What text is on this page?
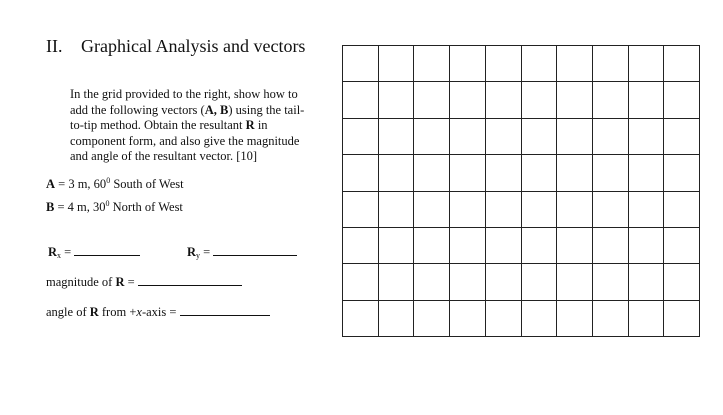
II. Graphical Analysis and vectors

In the grid provided to the right, show how to

add the following vectors (A, B) using the tail-

to-tip method. Obtain the resultant R in

component form, and also give the magnitude

and angle of the resultant vector. [10]

A = 3 m, $60^0$ South of West
B = 4 m, $30^0$ North of West
$R_x$ =	$R_y$ =
magnitude of R =
angle of R from +x-axis =
